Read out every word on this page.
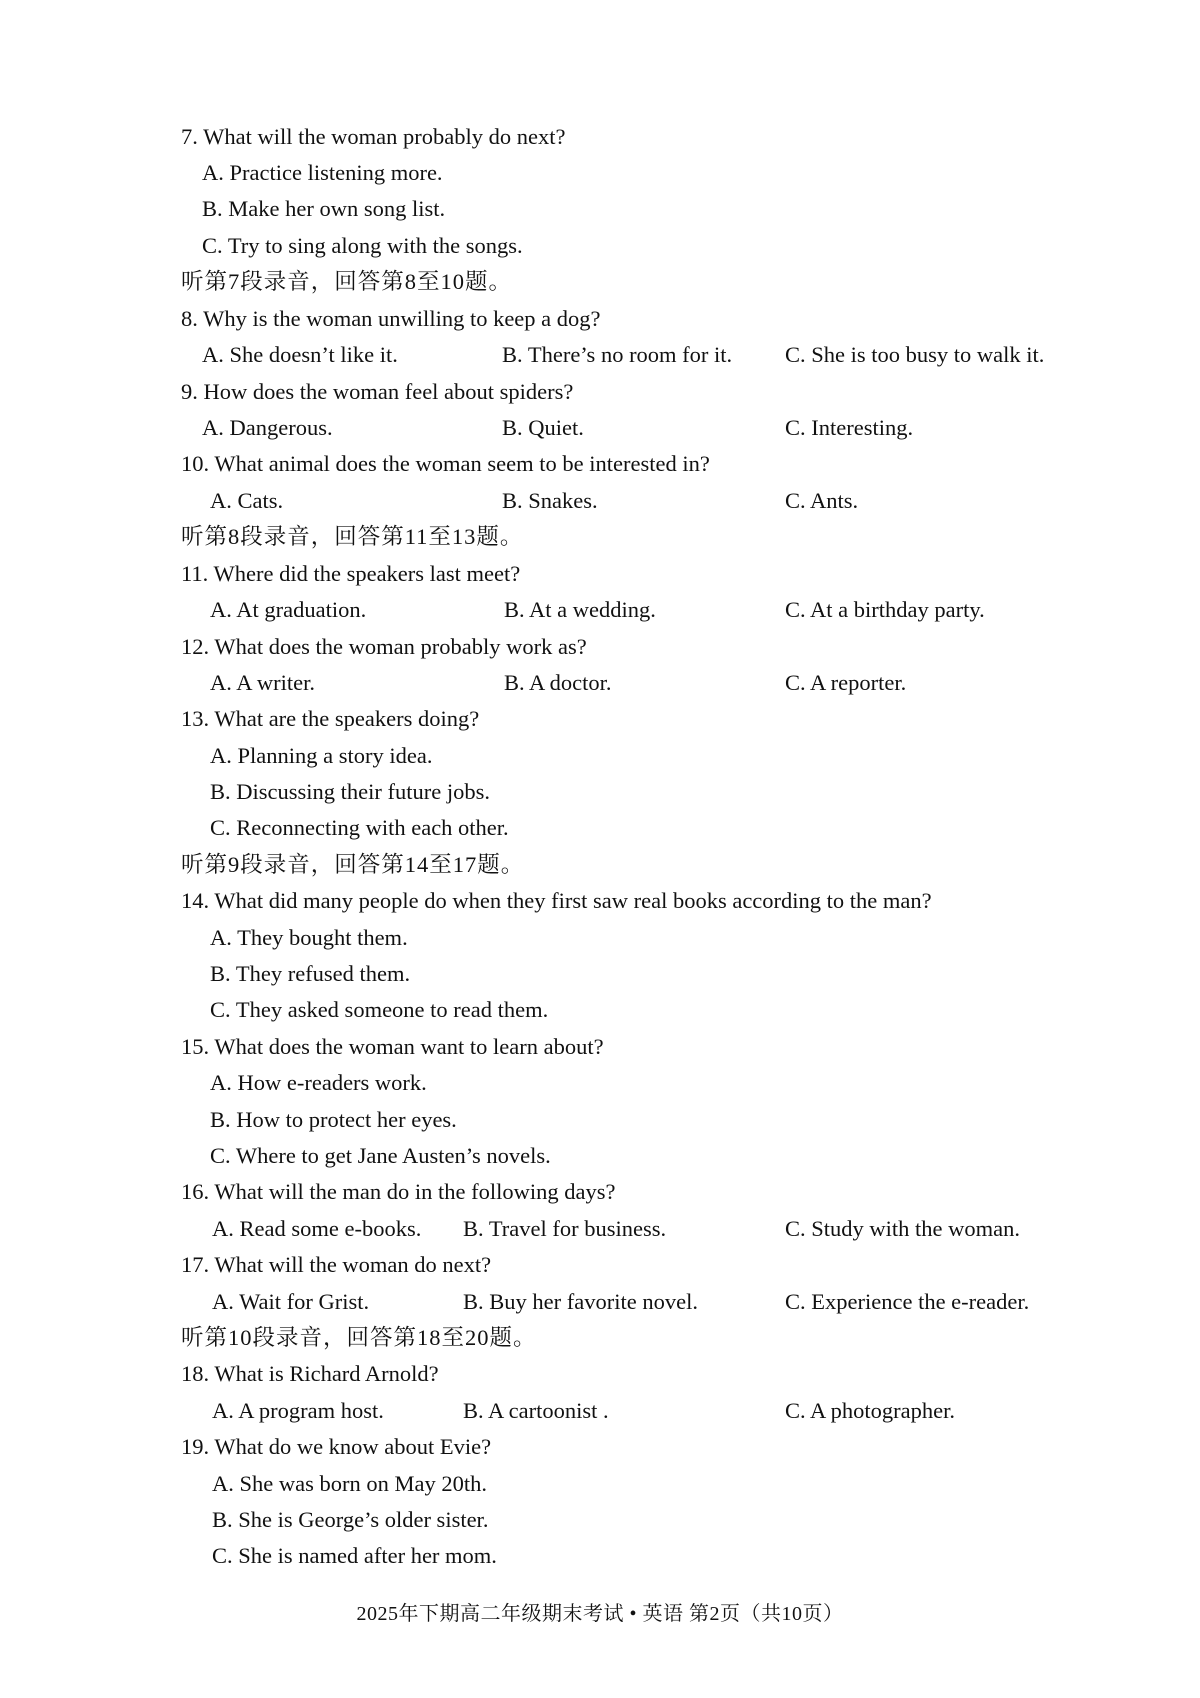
7. What will the woman probably do next?
A. Practice listening more.
B. Make her own song list.
C. Try to sing along with the songs.
听第7段录音，回答第8至10题。
8. Why is the woman unwilling to keep a dog?
A. She doesn’t like it.	B. There’s no room for it. C. She is too busy to walk it.
9. How does the woman feel about spiders?
A. Dangerous.	B. Quiet.	C. Interesting.
10. What animal does the woman seem to be interested in?
A. Cats.	B. Snakes.	C. Ants.
听第8段录音，回答第11至13题。
11. Where did the speakers last meet?
A. At graduation.	B. At a wedding.	C. At a birthday party.
12. What does the woman probably work as?
A. A writer.	B. A doctor.	C. A reporter.
13. What are the speakers doing?
A. Planning a story idea.
B. Discussing their future jobs.
C. Reconnecting with each other.
听第9段录音，回答第14至17题。
14. What did many people do when they first saw real books according to the man?
A. They bought them.
B. They refused them.
C. They asked someone to read them.
15. What does the woman want to learn about?
A. How e-readers work.
B. How to protect her eyes.
C. Where to get Jane Austen’s novels.
16. What will the man do in the following days?
A. Read some e-books. B. Travel for business.	C. Study with the woman.
17. What will the woman do next?
A. Wait for Grist.	B. Buy her favorite novel.	C. Experience the e-reader.
听第10段录音，回答第18至20题。
18. What is Richard Arnold?
A. A program host.	B. A cartoonist .	C. A photographer.
19. What do we know about Evie?
A. She was born on May 20th.
B. She is George’s older sister.
C. She is named after her mom.
2025年下期高二年级期末考试 • 英语 第2页（共10页）
